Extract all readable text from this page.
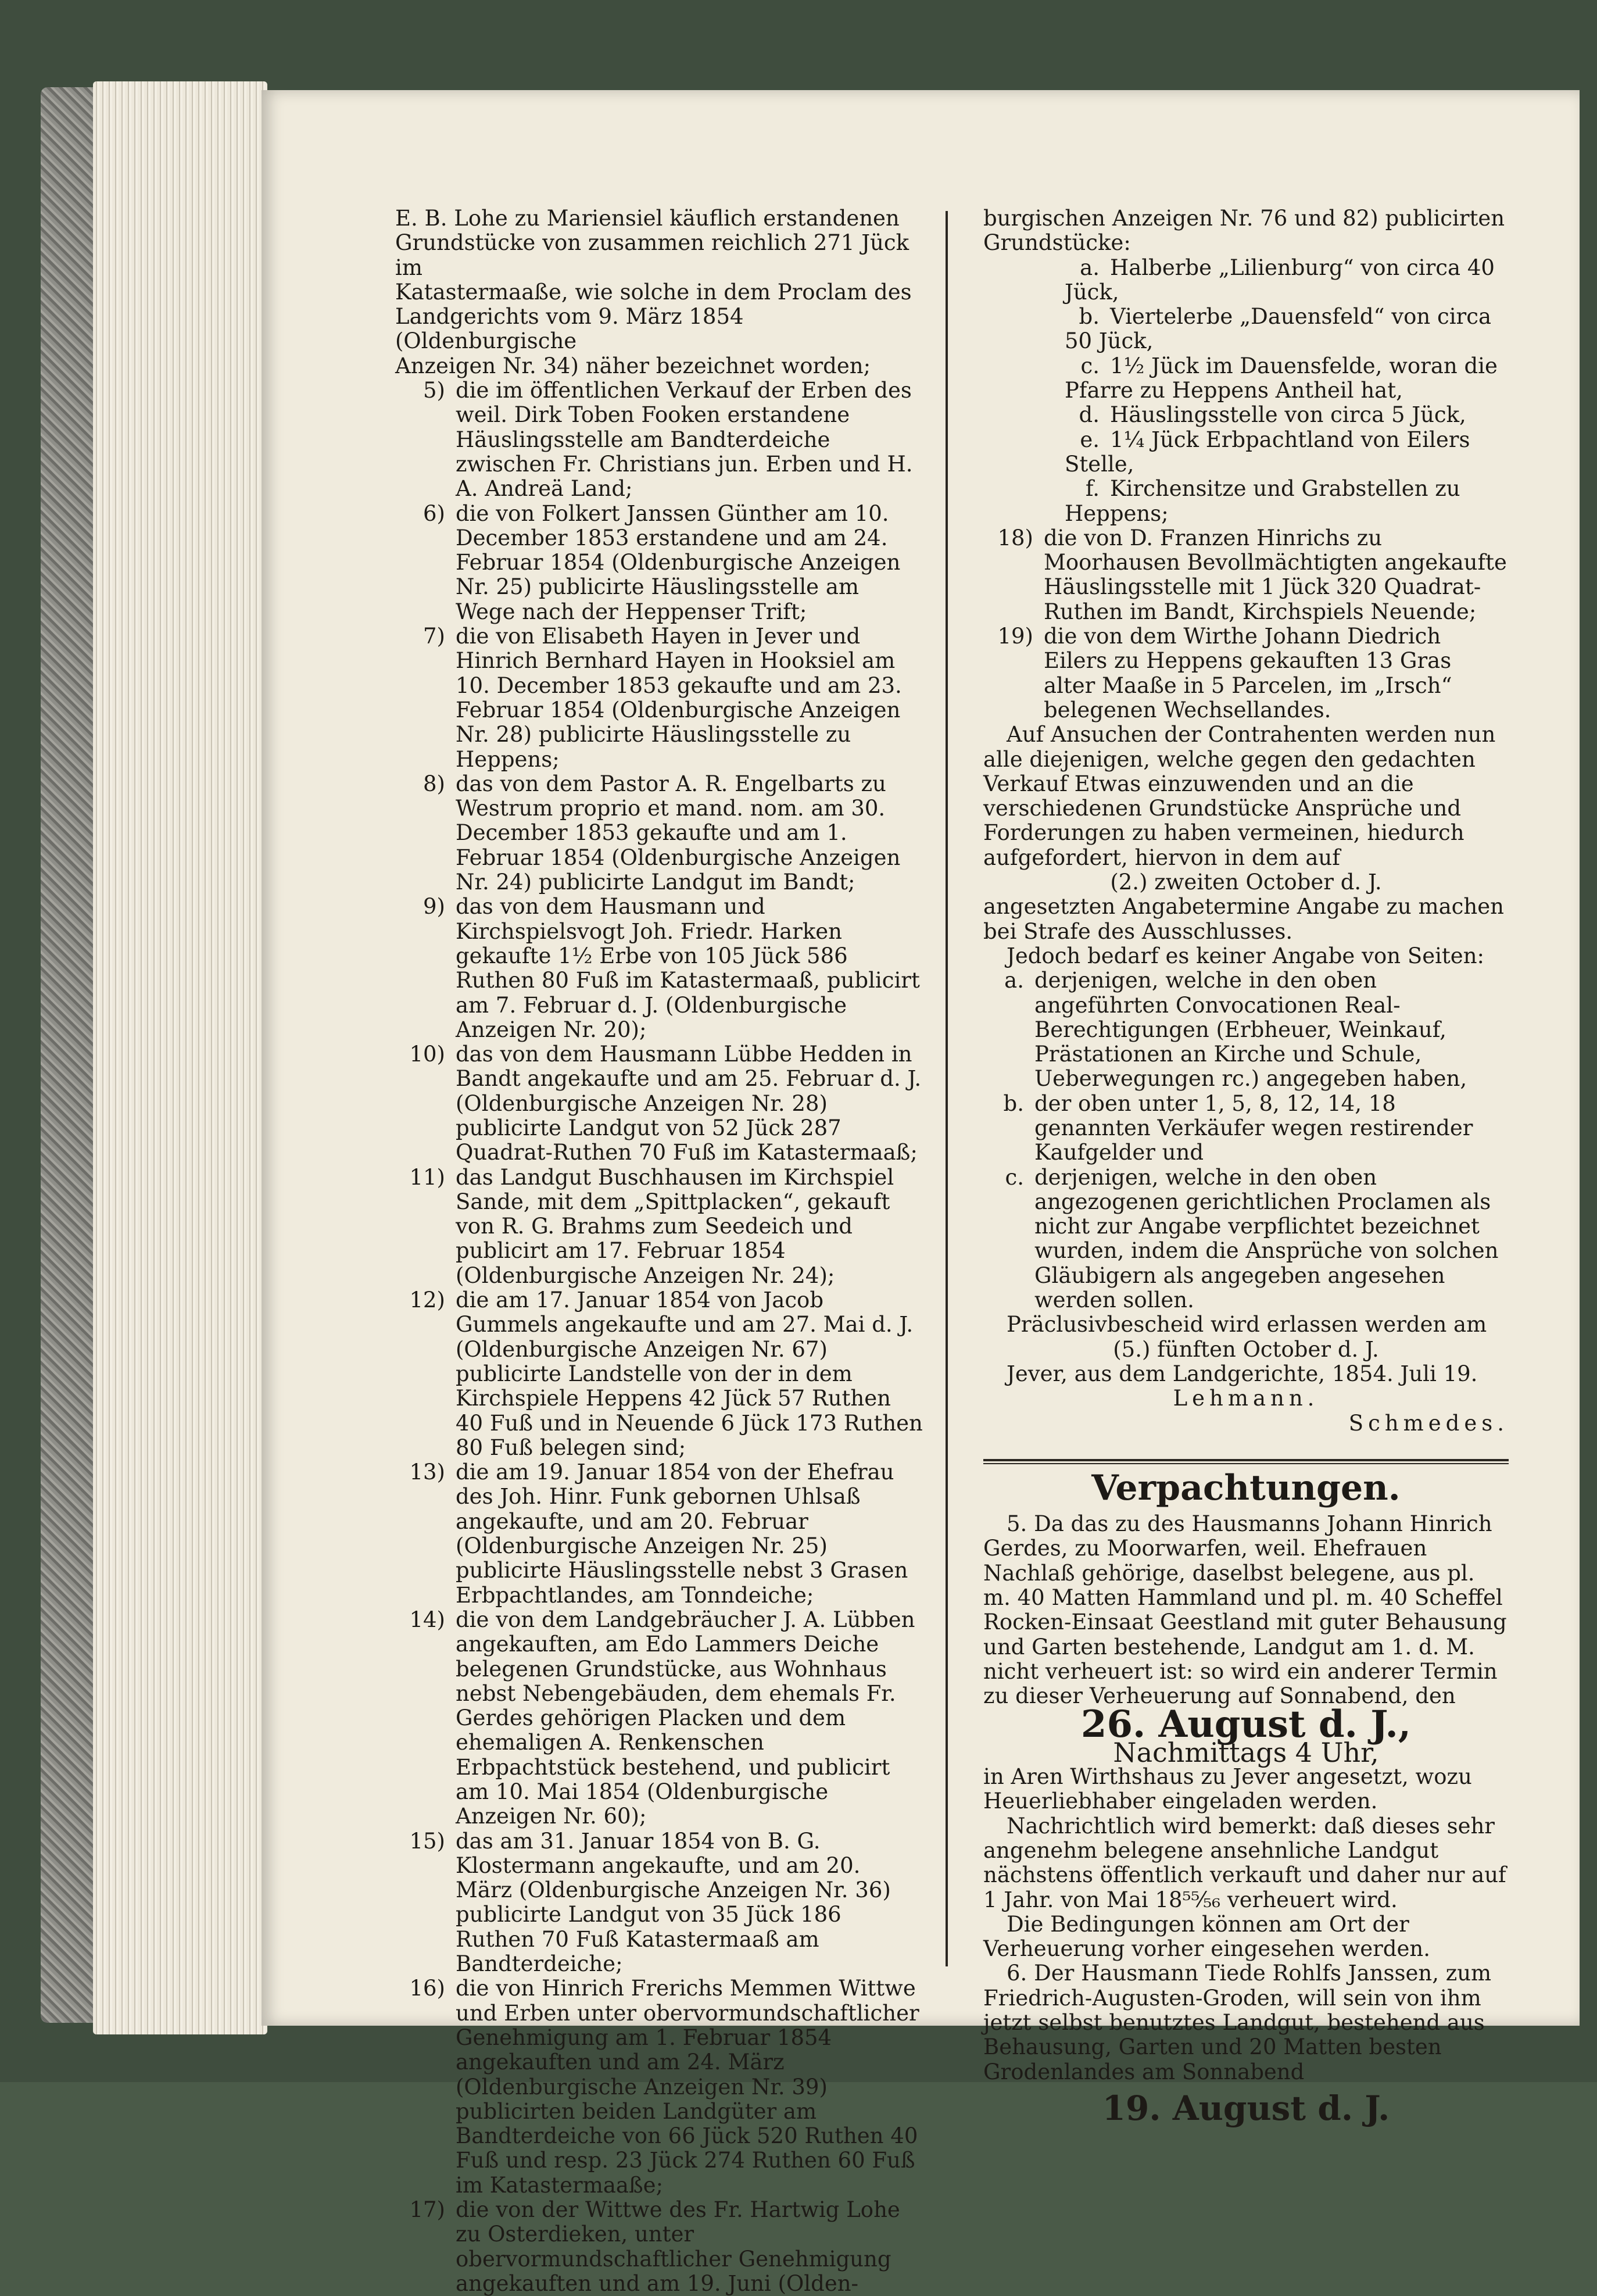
E. B. Lohe zu Mariensiel käuflich erstandenen
Grundstücke von zusammen reichlich 271 Jück im
Katastermaaße, wie solche in dem Proclam des
Landgerichts vom 9. März 1854 (Oldenburgische
Anzeigen Nr. 34) näher bezeichnet worden;
5) die im öffentlichen Verkauf der Erben des weil. Dirk Toben Fooken erstandene Häuslingsstelle am Bandterdeiche zwischen Fr. Christians jun. Erben und H. A. Andreä Land;
6) die von Folkert Janssen Günther am 10. December 1853 erstandene und am 24. Februar 1854 (Oldenburgische Anzeigen Nr. 25) publicirte Häuslingsstelle am Wege nach der Heppenser Trift;
7) die von Elisabeth Hayen in Jever und Hinrich Bernhard Hayen in Hooksiel am 10. December 1853 gekaufte und am 23. Februar 1854 (Oldenburgische Anzeigen Nr. 28) publicirte Häuslingsstelle zu Heppens;
8) das von dem Pastor A. R. Engelbarts zu Westrum proprio et mand. nom. am 30. December 1853 gekaufte und am 1. Februar 1854 (Oldenburgische Anzeigen Nr. 24) publicirte Landgut im Bandt;
9) das von dem Hausmann und Kirchspielsvogt Joh. Friedr. Harken gekaufte 1½ Erbe von 105 Jück 586 Ruthen 80 Fuß im Katastermaaß, publicirt am 7. Februar d. J. (Oldenburgische Anzeigen Nr. 20);
10) das von dem Hausmann Lübbe Hedden in Bandt angekaufte und am 25. Februar d. J. (Oldenburgische Anzeigen Nr. 28) publicirte Landgut von 52 Jück 287 Quadrat-Ruthen 70 Fuß im Katastermaaß;
11) das Landgut Buschhausen im Kirchspiel Sande, mit dem „Spittplacken“, gekauft von R. G. Brahms zum Seedeich und publicirt am 17. Februar 1854 (Oldenburgische Anzeigen Nr. 24);
12) die am 17. Januar 1854 von Jacob Gummels angekaufte und am 27. Mai d. J. (Oldenburgische Anzeigen Nr. 67) publicirte Landstelle von der in dem Kirchspiele Heppens 42 Jück 57 Ruthen 40 Fuß und in Neuende 6 Jück 173 Ruthen 80 Fuß belegen sind;
13) die am 19. Januar 1854 von der Ehefrau des Joh. Hinr. Funk gebornen Uhlsaß angekaufte, und am 20. Februar (Oldenburgische Anzeigen Nr. 25) publicirte Häuslingsstelle nebst 3 Grasen Erbpachtlandes, am Tonndeiche;
14) die von dem Landgebräucher J. A. Lübben angekauften, am Edo Lammers Deiche belegenen Grundstücke, aus Wohnhaus nebst Nebengebäuden, dem ehemals Fr. Gerdes gehörigen Placken und dem ehemaligen A. Renkenschen Erbpachtstück bestehend, und publicirt am 10. Mai 1854 (Oldenburgische Anzeigen Nr. 60);
15) das am 31. Januar 1854 von B. G. Klostermann angekaufte, und am 20. März (Oldenburgische Anzeigen Nr. 36) publicirte Landgut von 35 Jück 186 Ruthen 70 Fuß Katastermaaß am Bandterdeiche;
16) die von Hinrich Frerichs Memmen Wittwe und Erben unter obervormundschaftlicher Genehmigung am 1. Februar 1854 angekauften und am 24. März (Oldenburgische Anzeigen Nr. 39) publicirten beiden Landgüter am Bandterdeiche von 66 Jück 520 Ruthen 40 Fuß und resp. 23 Jück 274 Ruthen 60 Fuß im Katastermaaße;
17) die von der Wittwe des Fr. Hartwig Lohe zu Osterdieken, unter obervormundschaftlicher Genehmigung angekauften und am 19. Juni (Olden-
burgischen Anzeigen Nr. 76 und 82) publicirten
Grundstücke:
a. Halberbe „Lilienburg“ von circa 40 Jück,
b. Viertelerbe „Dauensfeld“ von circa 50 Jück,
c. 1½ Jück im Dauensfelde, woran die Pfarre zu Heppens Antheil hat,
d. Häuslingsstelle von circa 5 Jück,
e. 1¼ Jück Erbpachtland von Eilers Stelle,
f. Kirchensitze und Grabstellen zu Heppens;
18) die von D. Franzen Hinrichs zu Moorhausen Bevollmächtigten angekaufte Häuslingsstelle mit 1 Jück 320 Quadrat-Ruthen im Bandt, Kirchspiels Neuende;
19) die von dem Wirthe Johann Diedrich Eilers zu Heppens gekauften 13 Gras alter Maaße in 5 Parcelen, im „Irsch“ belegenen Wechsellandes.
Auf Ansuchen der Contrahenten werden nun alle diejenigen, welche gegen den gedachten Verkauf Etwas einzuwenden und an die verschiedenen Grundstücke Ansprüche und Forderungen zu haben vermeinen, hiedurch aufgefordert, hiervon in dem auf
(2.) zweiten October d. J.
angesetzten Angabetermine Angabe zu machen bei Strafe des Ausschlusses.
Jedoch bedarf es keiner Angabe von Seiten:
a. derjenigen, welche in den oben angeführten Convocationen Real-Berechtigungen (Erbheuer, Weinkauf, Prästationen an Kirche und Schule, Ueberwegungen rc.) angegeben haben,
b. der oben unter 1, 5, 8, 12, 14, 18 genannten Verkäufer wegen restirender Kaufgelder und
c. derjenigen, welche in den oben angezogenen gerichtlichen Proclamen als nicht zur Angabe verpflichtet bezeichnet wurden, indem die Ansprüche von solchen Gläubigern als angegeben angesehen werden sollen.
Präclusivbescheid wird erlassen werden am
(5.) fünften October d. J.
Jever, aus dem Landgerichte, 1854. Juli 19.
Lehmann.
Schmedes.
Verpachtungen.
5. Da das zu des Hausmanns Johann Hinrich Gerdes, zu Moorwarfen, weil. Ehefrauen Nachlaß gehörige, daselbst belegene, aus pl. m. 40 Matten Hammland und pl. m. 40 Scheffel Rocken-Einsaat Geestland mit guter Behausung und Garten bestehende, Landgut am 1. d. M. nicht verheuert ist: so wird ein anderer Termin zu dieser Verheuerung auf Sonnabend, den
26. August d. J.,
Nachmittags 4 Uhr,
in Aren Wirthshaus zu Jever angesetzt, wozu Heuerliebhaber eingeladen werden.
Nachrichtlich wird bemerkt: daß dieses sehr angenehm belegene ansehnliche Landgut nächstens öffentlich verkauft und daher nur auf 1 Jahr. von Mai 18⁵⁵⁄₅₆ verheuert wird.
Die Bedingungen können am Ort der Verheuerung vorher eingesehen werden.
6. Der Hausmann Tiede Rohlfs Janssen, zum Friedrich-Augusten-Groden, will sein von ihm jetzt selbst benutztes Landgut, bestehend aus Behausung, Garten und 20 Matten besten Grodenlandes am Sonnabend
19. August d. J.
